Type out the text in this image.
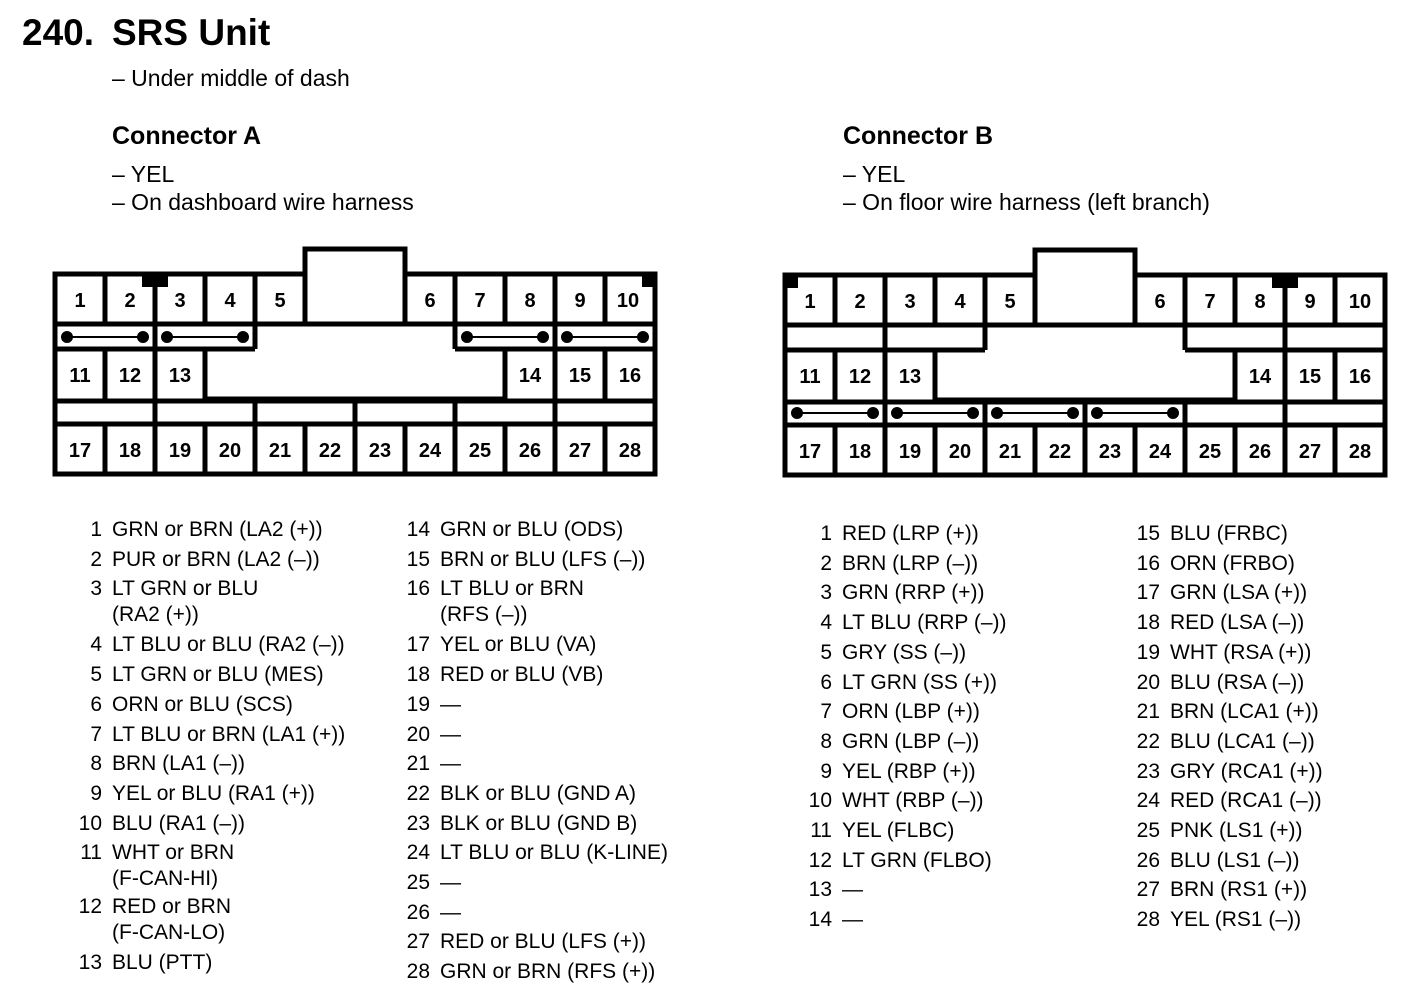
240. SRS Unit
– Under middle of dash
Connector A
– YEL
– On dashboard wire harness
Connector B
– YEL
– On floor wire harness (left branch)
1 2 3 4 5	6 7 8 9 10
11 12 13	14 15 16
17 18 19 20 21 22 23 24 25 26 27 28
1 2 3 4 5	6 7 8 9 10
11 12 13	14 15 16
17 18 19 20 21 22 23 24 25 26 27 28
1 GRN or BRN (LA2 (+))
2 PUR or BRN (LA2 (–))
3 LT GRN or BLU
(RA2 (+))
4 LT BLU or BLU (RA2 (–))
5 LT GRN or BLU (MES)
6 ORN or BLU (SCS)
7 LT BLU or BRN (LA1 (+))
8 BRN (LA1 (–))
9 YEL or BLU (RA1 (+))
10 BLU (RA1 (–))
11 WHT or BRN
(F-CAN-HI)
12 RED or BRN
(F-CAN-LO)
13 BLU (PTT)
14 GRN or BLU (ODS)
15 BRN or BLU (LFS (–))
16 LT BLU or BRN
(RFS (–))
17 YEL or BLU (VA)
18 RED or BLU (VB)
19 —
20 —
21 —
22 BLK or BLU (GND A)
23 BLK or BLU (GND B)
24 LT BLU or BLU (K-LINE)
25 —
26 —
27 RED or BLU (LFS (+))
28 GRN or BRN (RFS (+))
1 RED (LRP (+))
2 BRN (LRP (–))
3 GRN (RRP (+))
4 LT BLU (RRP (–))
5 GRY (SS (–))
6 LT GRN (SS (+))
7 ORN (LBP (+))
8 GRN (LBP (–))
9 YEL (RBP (+))
10 WHT (RBP (–))
11 YEL (FLBC)
12 LT GRN (FLBO)
13 —
14 —
15 BLU (FRBC)
16 ORN (FRBO)
17 GRN (LSA (+))
18 RED (LSA (–))
19 WHT (RSA (+))
20 BLU (RSA (–))
21 BRN (LCA1 (+))
22 BLU (LCA1 (–))
23 GRY (RCA1 (+))
24 RED (RCA1 (–))
25 PNK (LS1 (+))
26 BLU (LS1 (–))
27 BRN (RS1 (+))
28 YEL (RS1 (–))
